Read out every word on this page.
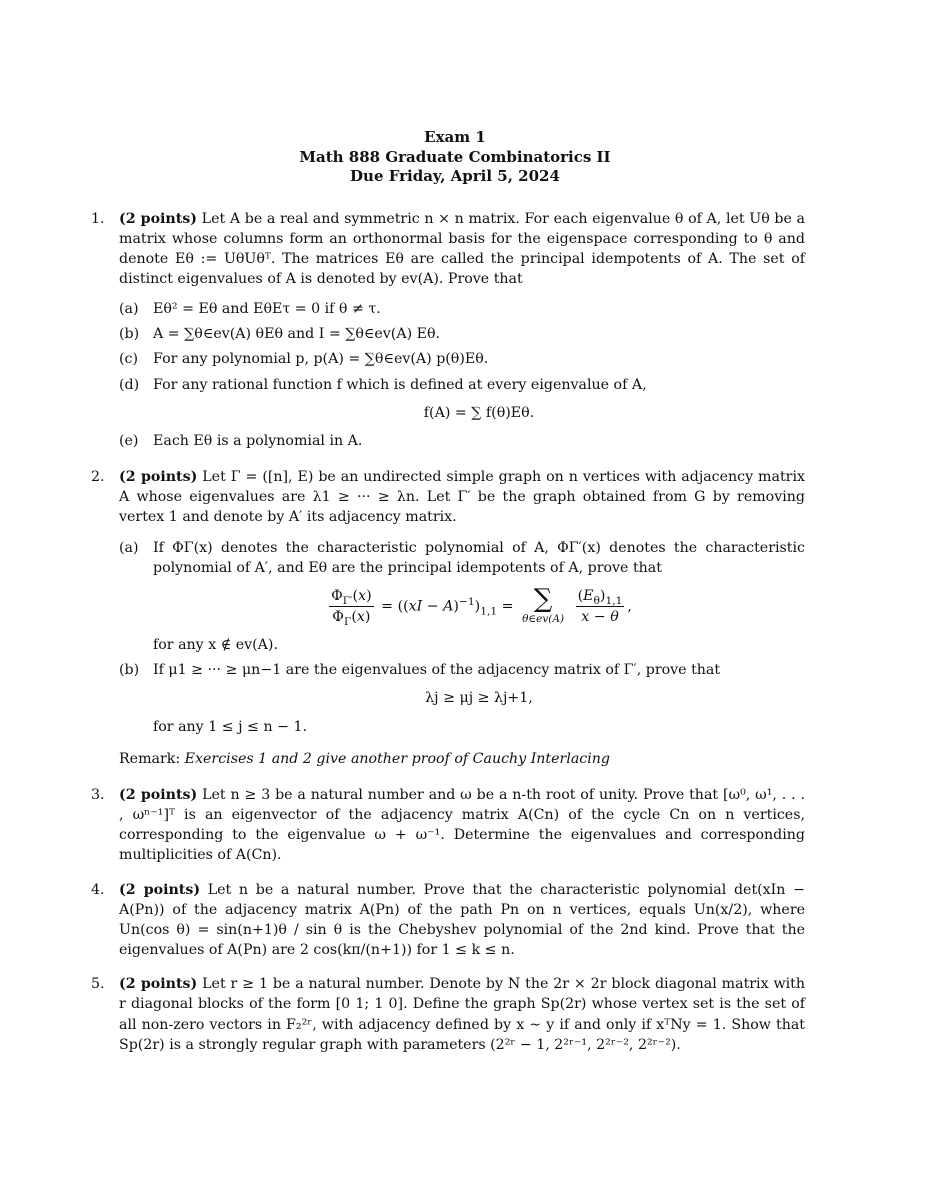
Exam 1
Math 888 Graduate Combinatorics II
Due Friday, April 5, 2024
1. (2 points) Let A be a real and symmetric n × n matrix. For each eigenvalue θ of A, let Uθ be a matrix whose columns form an orthonormal basis for the eigenspace corresponding to θ and denote Eθ := UθUθᵀ. The matrices Eθ are called the principal idempotents of A. The set of distinct eigenvalues of A is denoted by ev(A). Prove that
(a) Eθ² = Eθ and EθEτ = 0 if θ ≠ τ.
(b) A = ∑θ∈ev(A) θEθ and I = ∑θ∈ev(A) Eθ.
(c) For any polynomial p, p(A) = ∑θ∈ev(A) p(θ)Eθ.
(d) For any rational function f which is defined at every eigenvalue of A,
f(A) = ∑ f(θ)Eθ.
(e) Each Eθ is a polynomial in A.
2. (2 points) Let Γ = ([n], E) be an undirected simple graph on n vertices with adjacency matrix A whose eigenvalues are λ1 ≥ ··· ≥ λn. Let Γ′ be the graph obtained from G by removing vertex 1 and denote by A′ its adjacency matrix.
(a) If ΦΓ(x) denotes the characteristic polynomial of A, ΦΓ′(x) denotes the characteristic polynomial of A′, and Eθ are the principal idempotents of A, prove that
$\frac{\Phi_{\Gamma'}(x)}{\Phi_\Gamma(x)} = ((xI - A)^{-1})_{1,1}$ = ∑
θ∈ev(A)
$\frac{(E_\theta)_{1,1}}{x - \theta}$ ,
for any x ∉ ev(A).
(b) If μ1 ≥ ··· ≥ μn−1 are the eigenvalues of the adjacency matrix of Γ′, prove that
λj ≥ μj ≥ λj+1,
for any 1 ≤ j ≤ n − 1.
Remark: Exercises 1 and 2 give another proof of Cauchy Interlacing
3. (2 points) Let n ≥ 3 be a natural number and ω be a n-th root of unity. Prove that [ω⁰, ω¹, . . . , ωⁿ⁻¹]ᵀ is an eigenvector of the adjacency matrix A(Cn) of the cycle Cn on n vertices, corresponding to the eigenvalue ω + ω⁻¹. Determine the eigenvalues and corresponding multiplicities of A(Cn).
4. (2 points) Let n be a natural number. Prove that the characteristic polynomial det(xIn − A(Pn)) of the adjacency matrix A(Pn) of the path Pn on n vertices, equals Un(x/2), where Un(cos θ) = sin(n+1)θ / sin θ is the Chebyshev polynomial of the 2nd kind. Prove that the eigenvalues of A(Pn) are 2 cos(kπ/(n+1)) for 1 ≤ k ≤ n.
5. (2 points) Let r ≥ 1 be a natural number. Denote by N the 2r × 2r block diagonal matrix with r diagonal blocks of the form [0 1; 1 0]. Define the graph Sp(2r) whose vertex set is the set of all non-zero vectors in F₂²ʳ, with adjacency defined by x ∼ y if and only if xᵀNy = 1. Show that Sp(2r) is a strongly regular graph with parameters (2²ʳ − 1, 2²ʳ⁻¹, 2²ʳ⁻², 2²ʳ⁻²).
